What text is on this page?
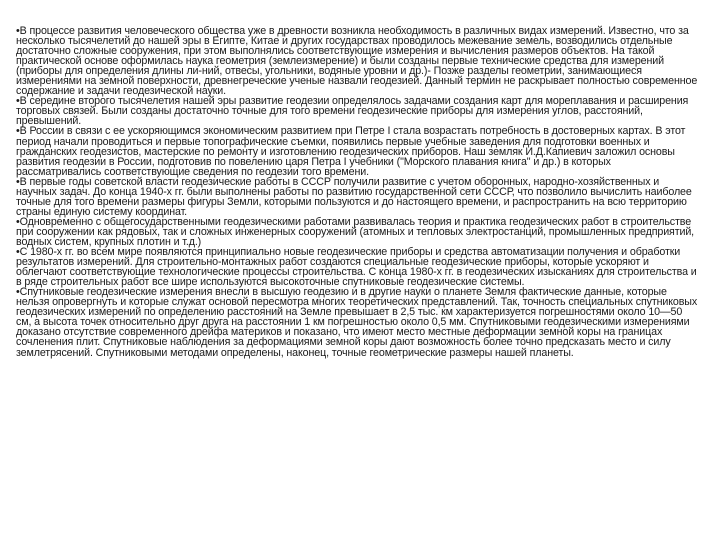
•В процессе развития человеческого общества уже в древности возникла необходимость в различных видах измерений. Известно, что за несколько тысячелетий до нашей эры в Египте, Китае и других государствах проводилось межевание земель, возводились отдельные достаточно сложные сооружения, при этом выполнялись соответствующие измерения и вычисления размеров объектов. На такой практической основе оформилась наука геометрия (землеизмерение) и были созданы первые технические средства для измерений (приборы для определения длины ли-ний, отвесы, угольники, водяные уровни и др.)- Позже разделы геометрии, занимающиеся измерениями на земной поверхности, древнегреческие ученые назвали геодезией. Данный термин не раскрывает полностью современное содержание и задачи геодезической науки.

•В середине второго тысячелетия нашей эры развитие геодезии определялось задачами создания карт для мореплавания и расширения торговых связей. Были созданы достаточно точные для того времени геодезические приборы для измерения углов, расстояний, превышений.

•В России в связи с ее ускоряющимся экономическим развитием при Петре I стала возрастать потребность в достоверных картах. В этот период начали проводиться и первые топографические съемки, появились первые учебные заведения для подготовки военных и гражданских геодезистов, мастерские по ремонту и изготовлению геодезических приборов. Наш земляк И.Д.Капиевич заложил основы развития геодезии в России, подготовив по повелению царя Петра I учебники ("Морского плавания книга" и др.) в которых рассматривались соответствующие сведения по геодезии того времени.

•В первые годы советской власти геодезические работы в СССР получили развитие с учетом оборонных, народно-хозяйственных и научных задач. До конца 1940-х гг. были выполнены работы по развитию государственной сети СССР, что позволило вычислить наиболее точные для того времени размеры фигуры Земли, которыми пользуются и до настоящего времени, и распространить на всю территорию страны единую систему координат.

•Одновременно с общегосударственными геодезическими работами развивалась теория и практика геодезических работ в строительстве при сооружении как рядовых, так и сложных инженерных сооружений (атомных и тепловых электростанций, промышленных предприятий, водных систем, крупных плотин и т.д.)

•С 1980-х гг. во всем мире появляются принципиально новые геодезические приборы и средства автоматизации получения и обработки результатов измерений. Для строительно-монтажных работ создаются специальные геодезические приборы, которые ускоряют и облегчают соответствующие технологические процессы строительства. С конца 1980-х гг. в геодезических изысканиях для строительства и в ряде строительных работ все шире используются высокоточные спутниковые геодезические системы.

•Спутниковые геодезические измерения внесли в высшую геодезию и в другие науки о планете Земля фактические данные, которые нельзя опровергнуть и которые служат основой пересмотра многих теоретических представлений. Так, точность специальных спутниковых геодезических измерений по определению расстояний на Земле превышает в 2,5 тыс. км характеризуется погрешностями около 10—50 см, а высота точек относительно друг друга на расстоянии 1 км погрешностью около 0,5 мм. Спутниковыми геодезическими измерениями доказано отсутствие современного дрейфа материков и показано, что имеют место местные деформации земной коры на границах сочленения плит. Спутниковые наблюдения за деформациями земной коры дают возможность более точно предсказать место и силу землетрясений. Спутниковыми методами определены, наконец, точные геометрические размеры нашей планеты.
